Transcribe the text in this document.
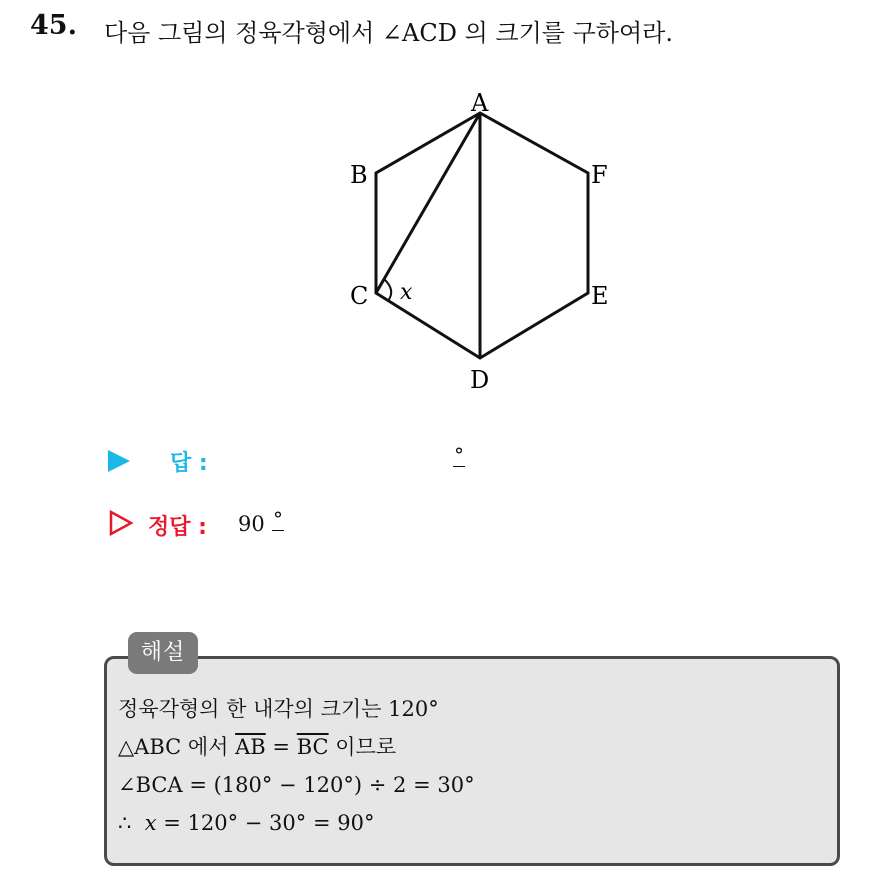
45. 다음 그림의 정육각형에서 ∠ACD 의 크기를 구하여라.
A
B
C
D
E
F
x
답 :	°
정답 : 90 °
해설
정육각형의 한 내각의 크기는 120°
△ABC 에서 $\overline{AB} = \overline{BC}$ 이므로
∠BCA = (180° − 120°) ÷ 2 = 30°
∴ x = 120° − 30° = 90°
